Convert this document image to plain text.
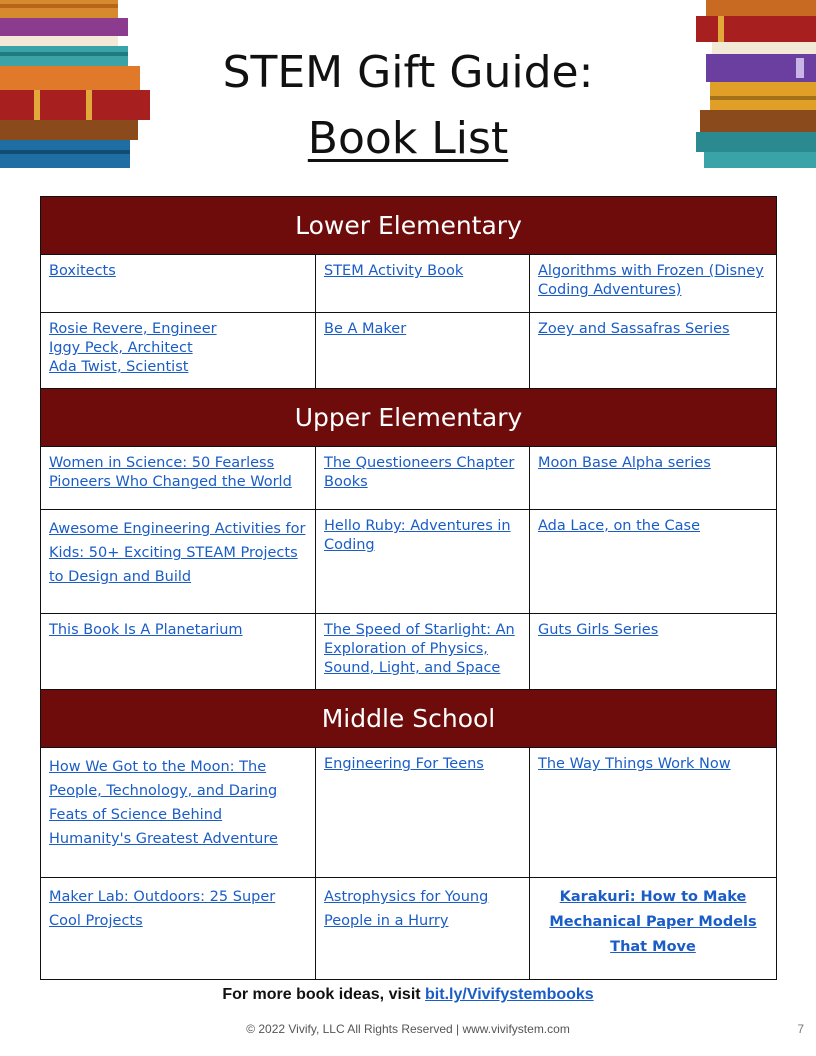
STEM Gift Guide:
Book List
Lower Elementary		

Boxitects	STEM Activity Book	Algorithms with Frozen (Disney Coding Adventures)

Rosie Revere, Engineer
Iggy Peck, Architect
Ada Twist, Scientist	Be A Maker	Zoey and Sassafras Series

Upper Elementary		

Women in Science: 50 Fearless Pioneers Who Changed the World	The Questioneers Chapter Books	Moon Base Alpha series

Awesome Engineering Activities for Kids: 50+ Exciting STEAM Projects to Design and Build	Hello Ruby: Adventures in Coding	Ada Lace, on the Case

This Book Is A Planetarium	The Speed of Starlight: An Exploration of Physics, Sound, Light, and Space	Guts Girls Series

Middle School		

How We Got to the Moon: The People, Technology, and Daring Feats of Science Behind Humanity's Greatest Adventure	Engineering For Teens	The Way Things Work Now

Maker Lab: Outdoors: 25 Super Cool Projects	Astrophysics for Young People in a Hurry	Karakuri: How to Make Mechanical Paper Models That Move
For more book ideas, visit bit.ly/Vivifystembooks
© 2022 Vivify, LLC All Rights Reserved | www.vivifystem.com	7
